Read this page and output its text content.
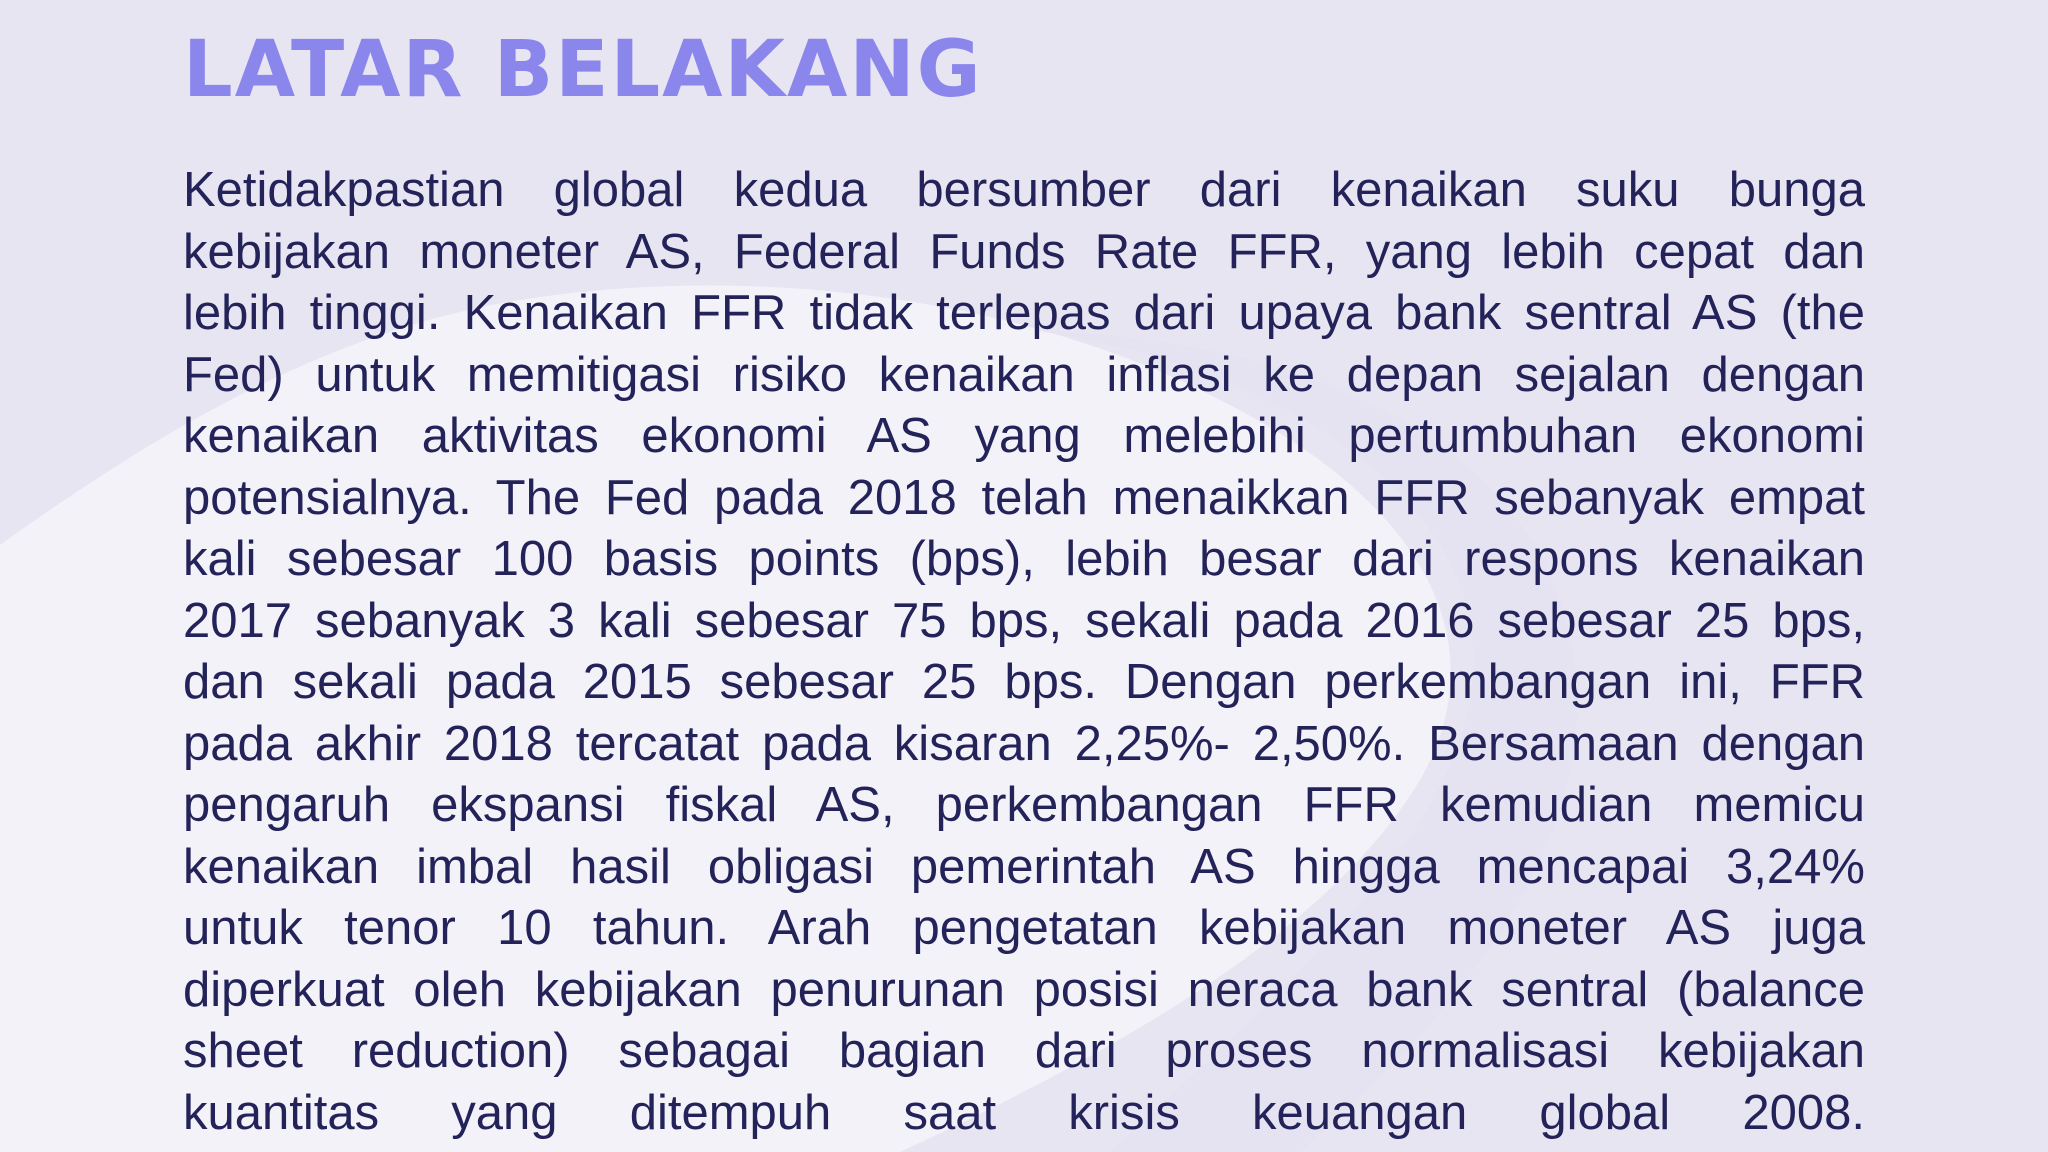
LATAR BELAKANG
Ketidakpastian global kedua bersumber dari kenaikan suku bunga
kebijakan moneter AS, Federal Funds Rate FFR, yang lebih cepat dan
lebih tinggi. Kenaikan FFR tidak terlepas dari upaya bank sentral AS (the
Fed) untuk memitigasi risiko kenaikan inflasi ke depan sejalan dengan
kenaikan aktivitas ekonomi AS yang melebihi pertumbuhan ekonomi
potensialnya. The Fed pada 2018 telah menaikkan FFR sebanyak empat
kali sebesar 100 basis points (bps), lebih besar dari respons kenaikan
2017 sebanyak 3 kali sebesar 75 bps, sekali pada 2016 sebesar 25 bps,
dan sekali pada 2015 sebesar 25 bps. Dengan perkembangan ini, FFR
pada akhir 2018 tercatat pada kisaran 2,25%- 2,50%. Bersamaan dengan
pengaruh ekspansi fiskal AS, perkembangan FFR kemudian memicu
kenaikan imbal hasil obligasi pemerintah AS hingga mencapai 3,24%
untuk tenor 10 tahun. Arah pengetatan kebijakan moneter AS juga
diperkuat oleh kebijakan penurunan posisi neraca bank sentral (balance
sheet reduction) sebagai bagian dari proses normalisasi kebijakan
kuantitas yang ditempuh saat krisis keuangan global 2008.
